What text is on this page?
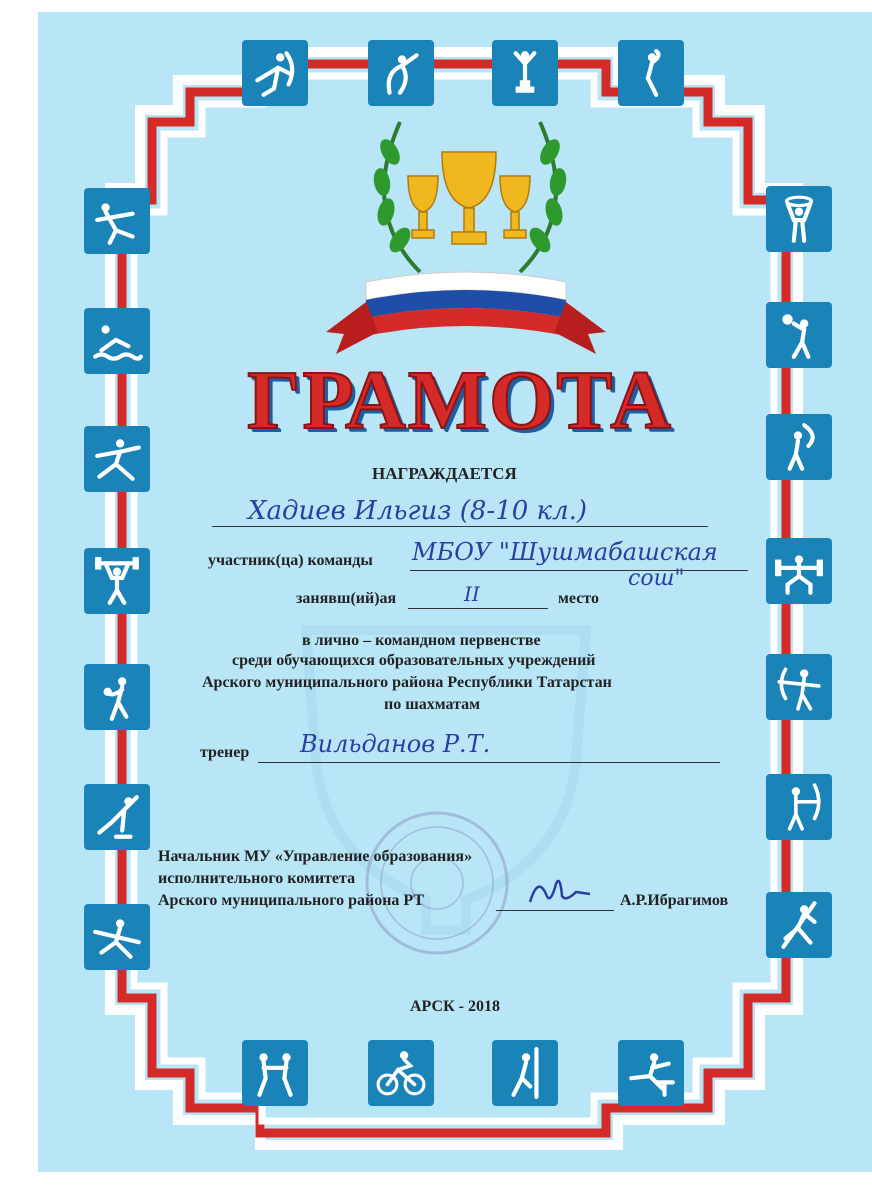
ГРАМОТА
НАГРАЖДАЕТСЯ
Хадиев Ильгиз (8-10 кл.)
участник(ца) команды МБОУ "Шушмабашская
сош"
занявш(ий)ая	II	место
в лично – командном первенстве
среди обучающихся образовательных учреждений
Арского муниципального района Республики Татарстан
по шахматам
тренер Вильданов Р.Т.
Начальник МУ «Управление образования»
исполнительного комитета
Арского муниципального района РТ	А.Р.Ибрагимов
АРСК - 2018
